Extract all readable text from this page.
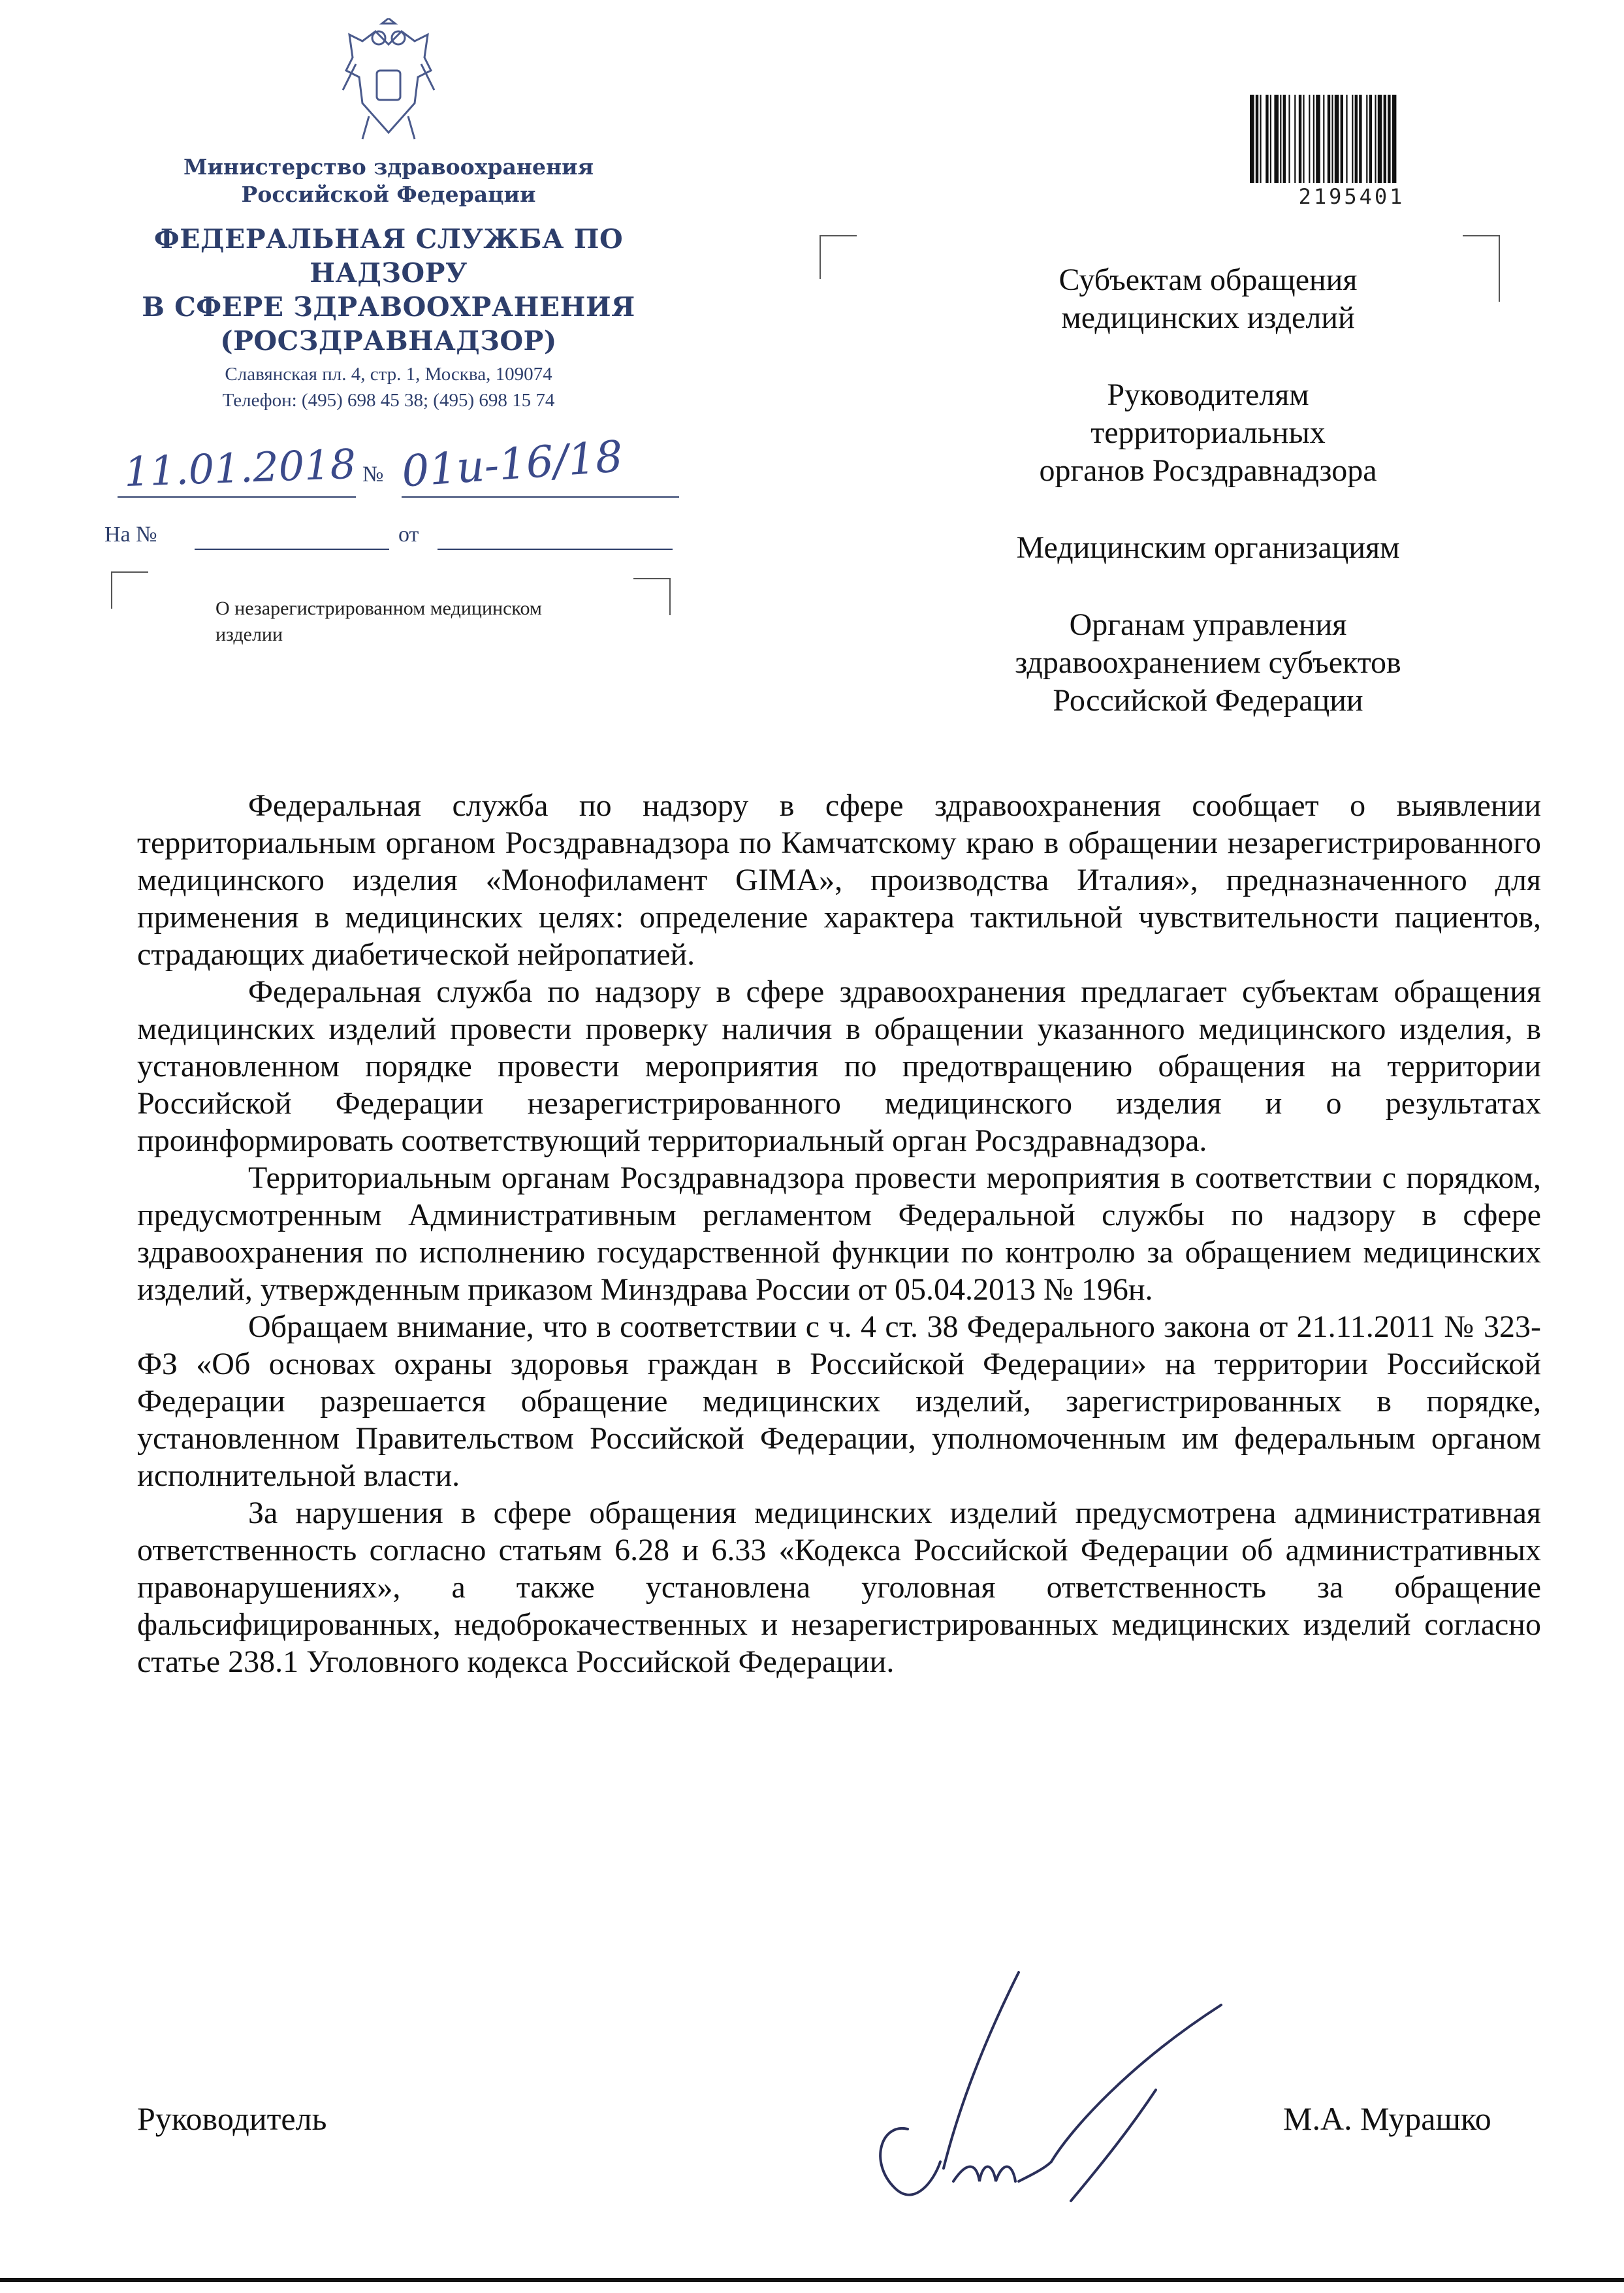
Министерство здравоохранения
Российской Федерации
ФЕДЕРАЛЬНАЯ СЛУЖБА ПО НАДЗОРУ
В СФЕРЕ ЗДРАВООХРАНЕНИЯ
(РОСЗДРАВНАДЗОР)
Славянская пл. 4, стр. 1, Москва, 109074
Телефон: (495) 698 45 38; (495) 698 15 74
11.01.2018 № 01и-16/18
На №	от
О незарегистрированном медицинском изделии
2195401
Субъектам обращения
медицинских изделий
Руководителям
территориальных
органов Росздравнадзора
Медицинским организациям
Органам управления
здравоохранением субъектов
Российской Федерации

Федеральная служба по надзору в сфере здравоохранения сообщает о выявлении территориальным органом Росздравнадзора по Камчатскому краю в обращении незарегистрированного медицинского изделия «Монофиламент GIMA», производства Италия», предназначенного для применения в медицинских целях: определение характера тактильной чувствительности пациентов, страдающих диабетической нейропатией.

Федеральная служба по надзору в сфере здравоохранения предлагает субъектам обращения медицинских изделий провести проверку наличия в обращении указанного медицинского изделия, в установленном порядке провести мероприятия по предотвращению обращения на территории Российской Федерации незарегистрированного медицинского изделия и о результатах проинформировать соответствующий территориальный орган Росздравнадзора.

Территориальным органам Росздравнадзора провести мероприятия в соответствии с порядком, предусмотренным Административным регламентом Федеральной службы по надзору в сфере здравоохранения по исполнению государственной функции по контролю за обращением медицинских изделий, утвержденным приказом Минздрава России от 05.04.2013 № 196н.

Обращаем внимание, что в соответствии с ч. 4 ст. 38 Федерального закона от 21.11.2011 № 323-ФЗ «Об основах охраны здоровья граждан в Российской Федерации» на территории Российской Федерации разрешается обращение медицинских изделий, зарегистрированных в порядке, установленном Правительством Российской Федерации, уполномоченным им федеральным органом исполнительной власти.

За нарушения в сфере обращения медицинских изделий предусмотрена административная ответственность согласно статьям 6.28 и 6.33 «Кодекса Российской Федерации об административных правонарушениях», а также установлена уголовная ответственность за обращение фальсифицированных, недоброкачественных и незарегистрированных медицинских изделий согласно статье 238.1 Уголовного кодекса Российской Федерации.

Руководитель	М.А. Мурашко
